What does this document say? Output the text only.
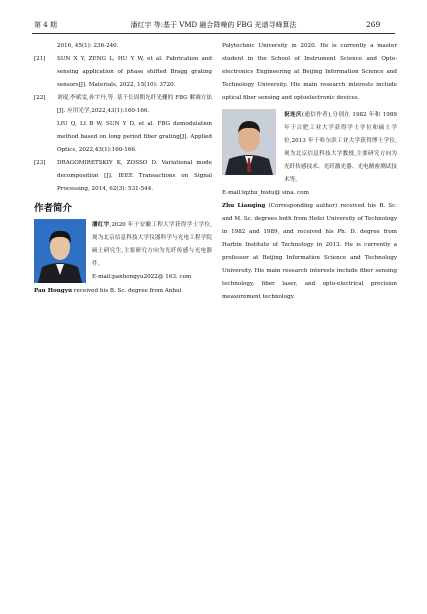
第 4 期	潘红宇 等:基于 VMD 融合降噪的 FBG 光谱寻峰算法	269

2016, 45(1): 236-240.

[21] SUN X Y, ZENG L, HU Y W, et al. Fabrication and sensing application of phase shifted Bragg grating sensors[J]. Materials, 2022, 15(10): 3720.
[22] 刘琨,李斌雯,孙宇丹,等. 基于长周期光纤光栅的 FBG 解调方法[J]. 应用光学,2022,43(1):160-166.
LIU Q, LI B W, SUN Y D, et al. FBG demodulation method based on long period fiber grating[J]. Applied Optics, 2022,43(1):160-166.
[23] DRAGOMIRETSKIY K, ZOSSO D. Variational mode decomposition [J]. IEEE Transactions on Signal Processing, 2014, 62(3): 531-544.
作者简介
潘红宇,2020 年于安徽工程大学获得学士学位,现为北京信息科技大学仪器科学与光电工程学院硕士研究生,主要研究方向为光纤传感与光电器件。
E-mail:panhongyu2022@ 163. com
Pan Hongyu received his B. Sc. degree from Anhui

Polytechnic University in 2020. He is currently a master student in the School of Instrument Science and Opto-electronics Engineering at Beijing Information Science and Technology University. His main research interests include optical fiber sensing and optoelectronic devices.

祝连庆(通信作者),分别在 1982 年和 1989 年于合肥工业大学获得学士学位和硕士学位,2013 年于哈尔滨工业大学获得博士学位,现为北京信息科技大学教授,主要研究方向为光纤传感技术、光纤激光器、光电精密测试技术等。
E-mail:lqzhu_bistu@ sina. com
Zhu Lianqing (Corresponding author) received his B. Sc. and M. Sc. degrees both from Hefei University of Technology in 1982 and 1989, and received his Ph. D. degree from Harbin Institute of Technology in 2013. He is currently a professor at Beijing Information Science and Technology University. His main research interests include fiber sensing technology, fiber laser, and opto-electrical precision measurement technology.
